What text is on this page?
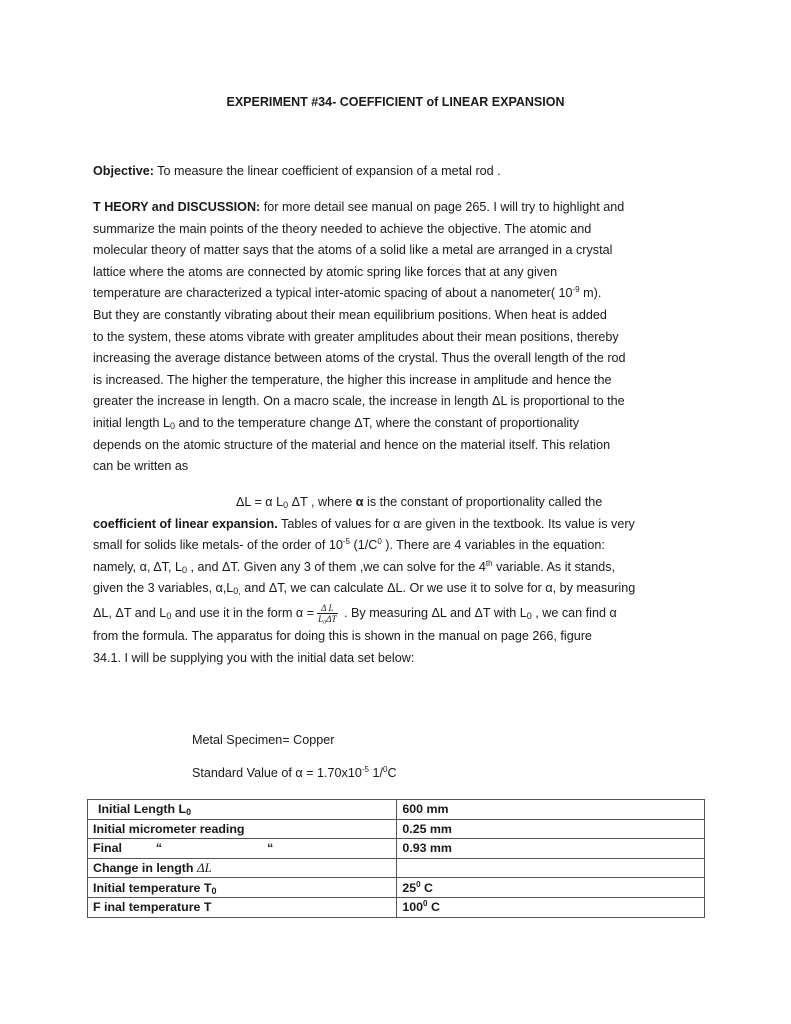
EXPERIMENT #34- COEFFICIENT of LINEAR EXPANSION
Objective: To measure the linear coefficient of expansion of a metal rod .
T HEORY and DISCUSSION: for more detail see manual on page 265. I will try to highlight and
summarize the main points of the theory needed to achieve the objective. The atomic and
molecular theory of matter says that the atoms of a solid like a metal are arranged in a crystal
lattice where the atoms are connected by atomic spring like forces that at any given
temperature are characterized a typical inter-atomic spacing of about a nanometer( $10^{-9}$ m).
But they are constantly vibrating about their mean equilibrium positions. When heat is added
to the system, these atoms vibrate with greater amplitudes about their mean positions, thereby
increasing the average distance between atoms of the crystal. Thus the overall length of the rod
is increased. The higher the temperature, the higher this increase in amplitude and hence the
greater the increase in length. On a macro scale, the increase in length ΔL is proportional to the
initial length $L_0$ and to the temperature change ΔT, where the constant of proportionality
depends on the atomic structure of the material and hence on the material itself. This relation
can be written as
ΔL = α $L_0$ ΔT , where α is the constant of proportionality called the
coefficient of linear expansion. Tables of values for α are given in the textbook. Its value is very
small for solids like metals- of the order of $10^{-5}$ ($1/C^0$ ). There are 4 variables in the equation:
namely, α, ΔT, $L_0$ , and ΔT. Given any 3 of them ,we can solve for the 4th variable. As it stands,
given the 3 variables, $\alpha,L_{0,}$ and ΔT, we can calculate ΔL. Or we use it to solve for α, by measuring
ΔL, ΔT and $L_0$ and use it in the form $\alpha = \frac{\text{Δ L}}{\text{L₀ΔT}}$ . By measuring ΔL and ΔT with $L_0$ , we can find α
from the formula. The apparatus for doing this is shown in the manual on page 266, figure
34.1. I will be supplying you with the initial data set below:
Metal Specimen= Copper
Standard Value of $\alpha = 1.70x10^{-5}$ 1/$^0$C
Initial Length $L_0$	600 mm
Initial micrometer reading	0.25 mm
Final “ “	0.93 mm
Change in length ΔL	
Initial temperature $T_0$	$25^0$ C
F inal temperature T	$100^0$ C
